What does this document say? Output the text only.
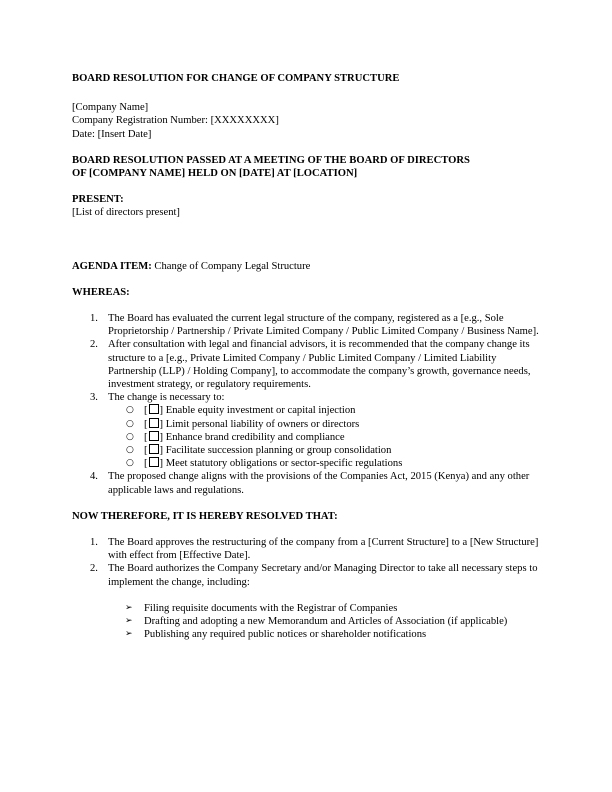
BOARD RESOLUTION FOR CHANGE OF COMPANY STRUCTURE

[Company Name]

Company Registration Number: [XXXXXXXX]

Date: [Insert Date]

BOARD RESOLUTION PASSED AT A MEETING OF THE BOARD OF DIRECTORS

OF [COMPANY NAME] HELD ON [DATE] AT [LOCATION]

PRESENT:

[List of directors present]

AGENDA ITEM: Change of Company Legal Structure

WHEREAS:

1. The Board has evaluated the current legal structure of the company, registered as a [e.g., Sole Proprietorship / Partnership / Private Limited Company / Public Limited Company / Business Name].
2. After consultation with legal and financial advisors, it is recommended that the company change its structure to a [e.g., Private Limited Company / Public Limited Company / Limited Liability Partnership (LLP) / Holding Company], to accommodate the company’s growth, governance needs, investment strategy, or regulatory requirements.
3. The change is necessary to:
○ [ ] Enable equity investment or capital injection
○ [ ] Limit personal liability of owners or directors
○ [ ] Enhance brand credibility and compliance
○ [ ] Facilitate succession planning or group consolidation
○ [ ] Meet statutory obligations or sector-specific regulations
4. The proposed change aligns with the provisions of the Companies Act, 2015 (Kenya) and any other applicable laws and regulations.

NOW THEREFORE, IT IS HEREBY RESOLVED THAT:

1. The Board approves the restructuring of the company from a [Current Structure] to a [New Structure] with effect from [Effective Date].
2. The Board authorizes the Company Secretary and/or Managing Director to take all necessary steps to implement the change, including:
➢ Filing requisite documents with the Registrar of Companies
➢ Drafting and adopting a new Memorandum and Articles of Association (if applicable)
➢ Publishing any required public notices or shareholder notifications
